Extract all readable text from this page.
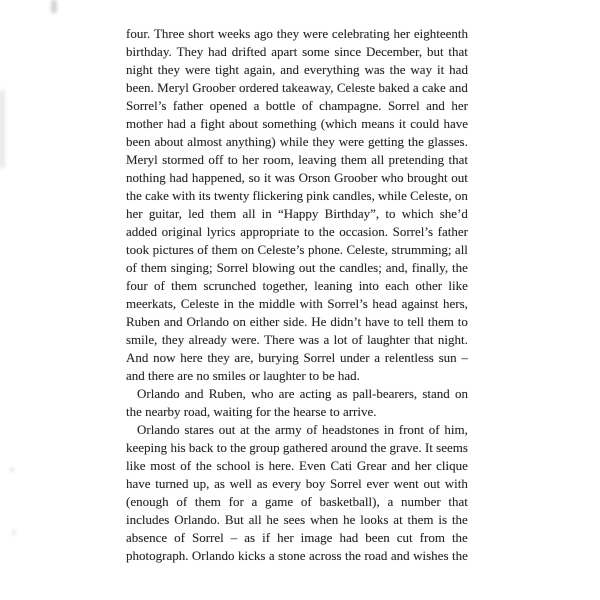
four. Three short weeks ago they were celebrating her eighteenth
birthday. They had drifted apart some since December, but that
night they were tight again, and everything was the way it had
been. Meryl Groober ordered takeaway, Celeste baked a cake and
Sorrel’s father opened a bottle of champagne. Sorrel and her
mother had a fight about something (which means it could have
been about almost anything) while they were getting the glasses.
Meryl stormed off to her room, leaving them all pretending that
nothing had happened, so it was Orson Groober who brought out
the cake with its twenty flickering pink candles, while Celeste, on
her guitar, led them all in “Happy Birthday”, to which she’d
added original lyrics appropriate to the occasion. Sorrel’s father
took pictures of them on Celeste’s phone. Celeste, strumming; all
of them singing; Sorrel blowing out the candles; and, finally, the
four of them scrunched together, leaning into each other like
meerkats, Celeste in the middle with Sorrel’s head against hers,
Ruben and Orlando on either side. He didn’t have to tell them to
smile, they already were. There was a lot of laughter that night.
And now here they are, burying Sorrel under a relentless sun –
and there are no smiles or laughter to be had.
Orlando and Ruben, who are acting as pall-bearers, stand on
the nearby road, waiting for the hearse to arrive.
Orlando stares out at the army of headstones in front of him,
keeping his back to the group gathered around the grave. It seems
like most of the school is here. Even Cati Grear and her clique
have turned up, as well as every boy Sorrel ever went out with
(enough of them for a game of basketball), a number that
includes Orlando. But all he sees when he looks at them is the
absence of Sorrel – as if her image had been cut from the
photograph. Orlando kicks a stone across the road and wishes the
